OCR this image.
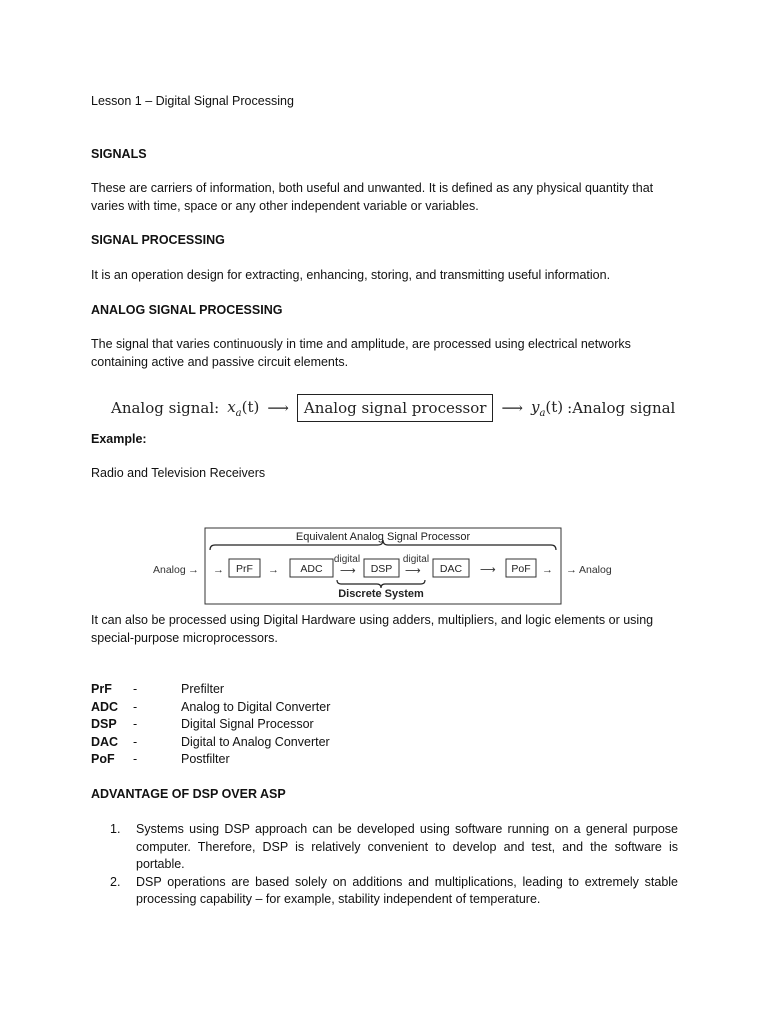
Lesson 1 – Digital Signal Processing

SIGNALS

These are carriers of information, both useful and unwanted. It is defined as any physical quantity that varies with time, space or any other independent variable or variables.

SIGNAL PROCESSING

It is an operation design for extracting, enhancing, storing, and transmitting useful information.

ANALOG SIGNAL PROCESSING

The signal that varies continuously in time and amplitude, are processed using electrical networks containing active and passive circuit elements.

Analog signal: $x_a(t)$ ⟶	Analog signal processor	⟶ $y_a(t)$ :Analog signal

Example:

Radio and Television Receivers

Equivalent Analog Signal Processor
Analog → → PrF → ADC
digital
⟶ DSP
digital
⟶ DAC ⟶ PoF → → Analog
Discrete System

It can also be processed using Digital Hardware using adders, multipliers, and logic elements or using special-purpose microprocessors.

PrF	-	Prefilter
ADC	-	Analog to Digital Converter
DSP	-	Digital Signal Processor
DAC	-	Digital to Analog Converter
PoF	-	Postfilter

ADVANTAGE OF DSP OVER ASP

1.	Systems using DSP approach can be developed using software running on a general purpose computer. Therefore, DSP is relatively convenient to develop and test, and the software is portable.
2.	DSP operations are based solely on additions and multiplications, leading to extremely stable processing capability – for example, stability independent of temperature.
